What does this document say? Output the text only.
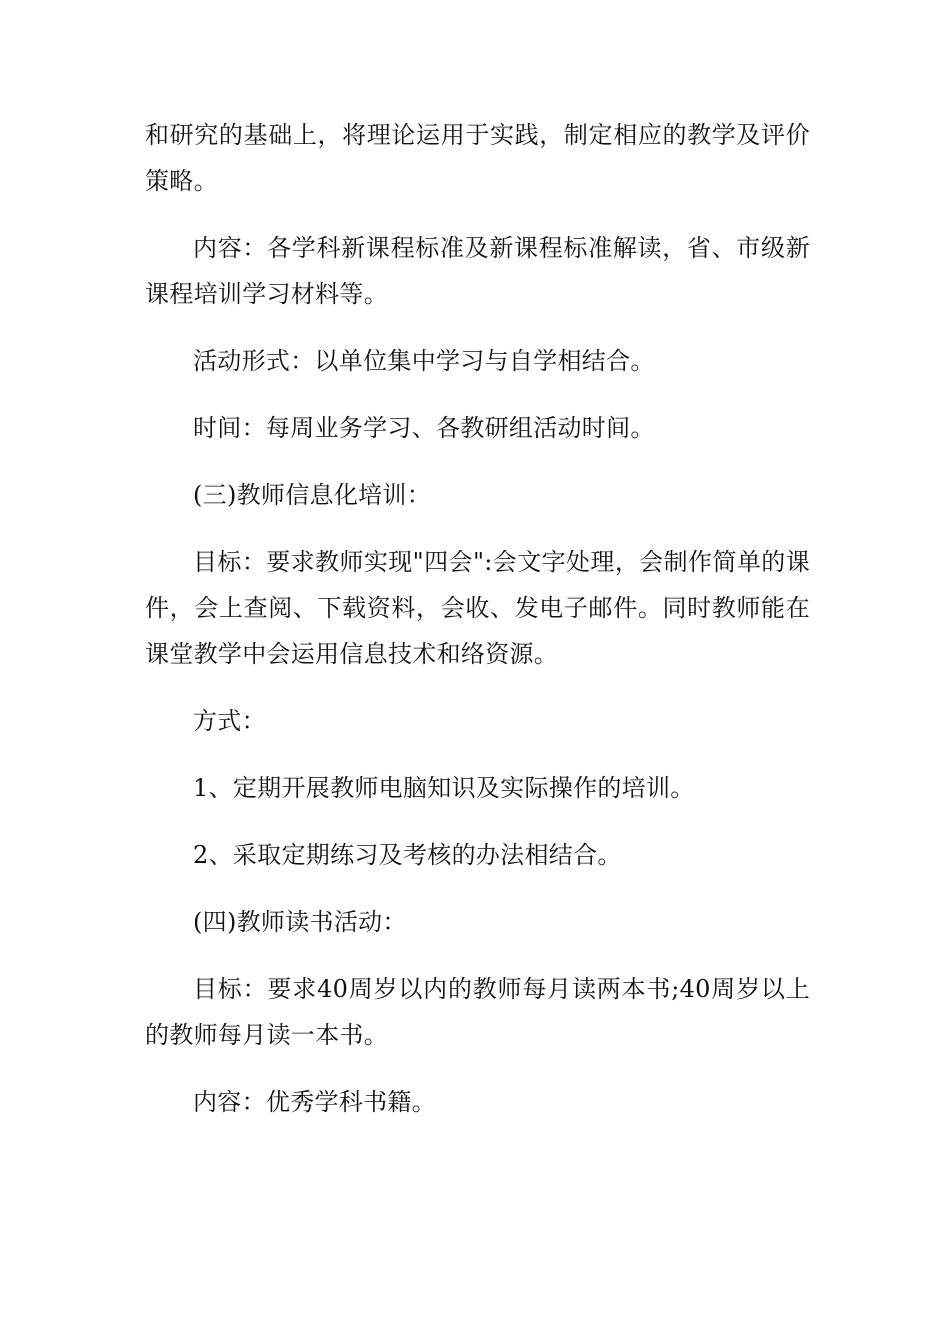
和研究的基础上，将理论运用于实践，制定相应的教学及评价策略。

内容：各学科新课程标准及新课程标准解读，省、市级新课程培训学习材料等。

活动形式：以单位集中学习与自学相结合。

时间：每周业务学习、各教研组活动时间。

(三)教师信息化培训：

目标：要求教师实现"四会":会文字处理，会制作简单的课件，会上查阅、下载资料，会收、发电子邮件。同时教师能在课堂教学中会运用信息技术和络资源。

方式：

1、定期开展教师电脑知识及实际操作的培训。

2、采取定期练习及考核的办法相结合。

(四)教师读书活动：

目标：要求40周岁以内的教师每月读两本书;40周岁以上的教师每月读一本书。

内容：优秀学科书籍。
